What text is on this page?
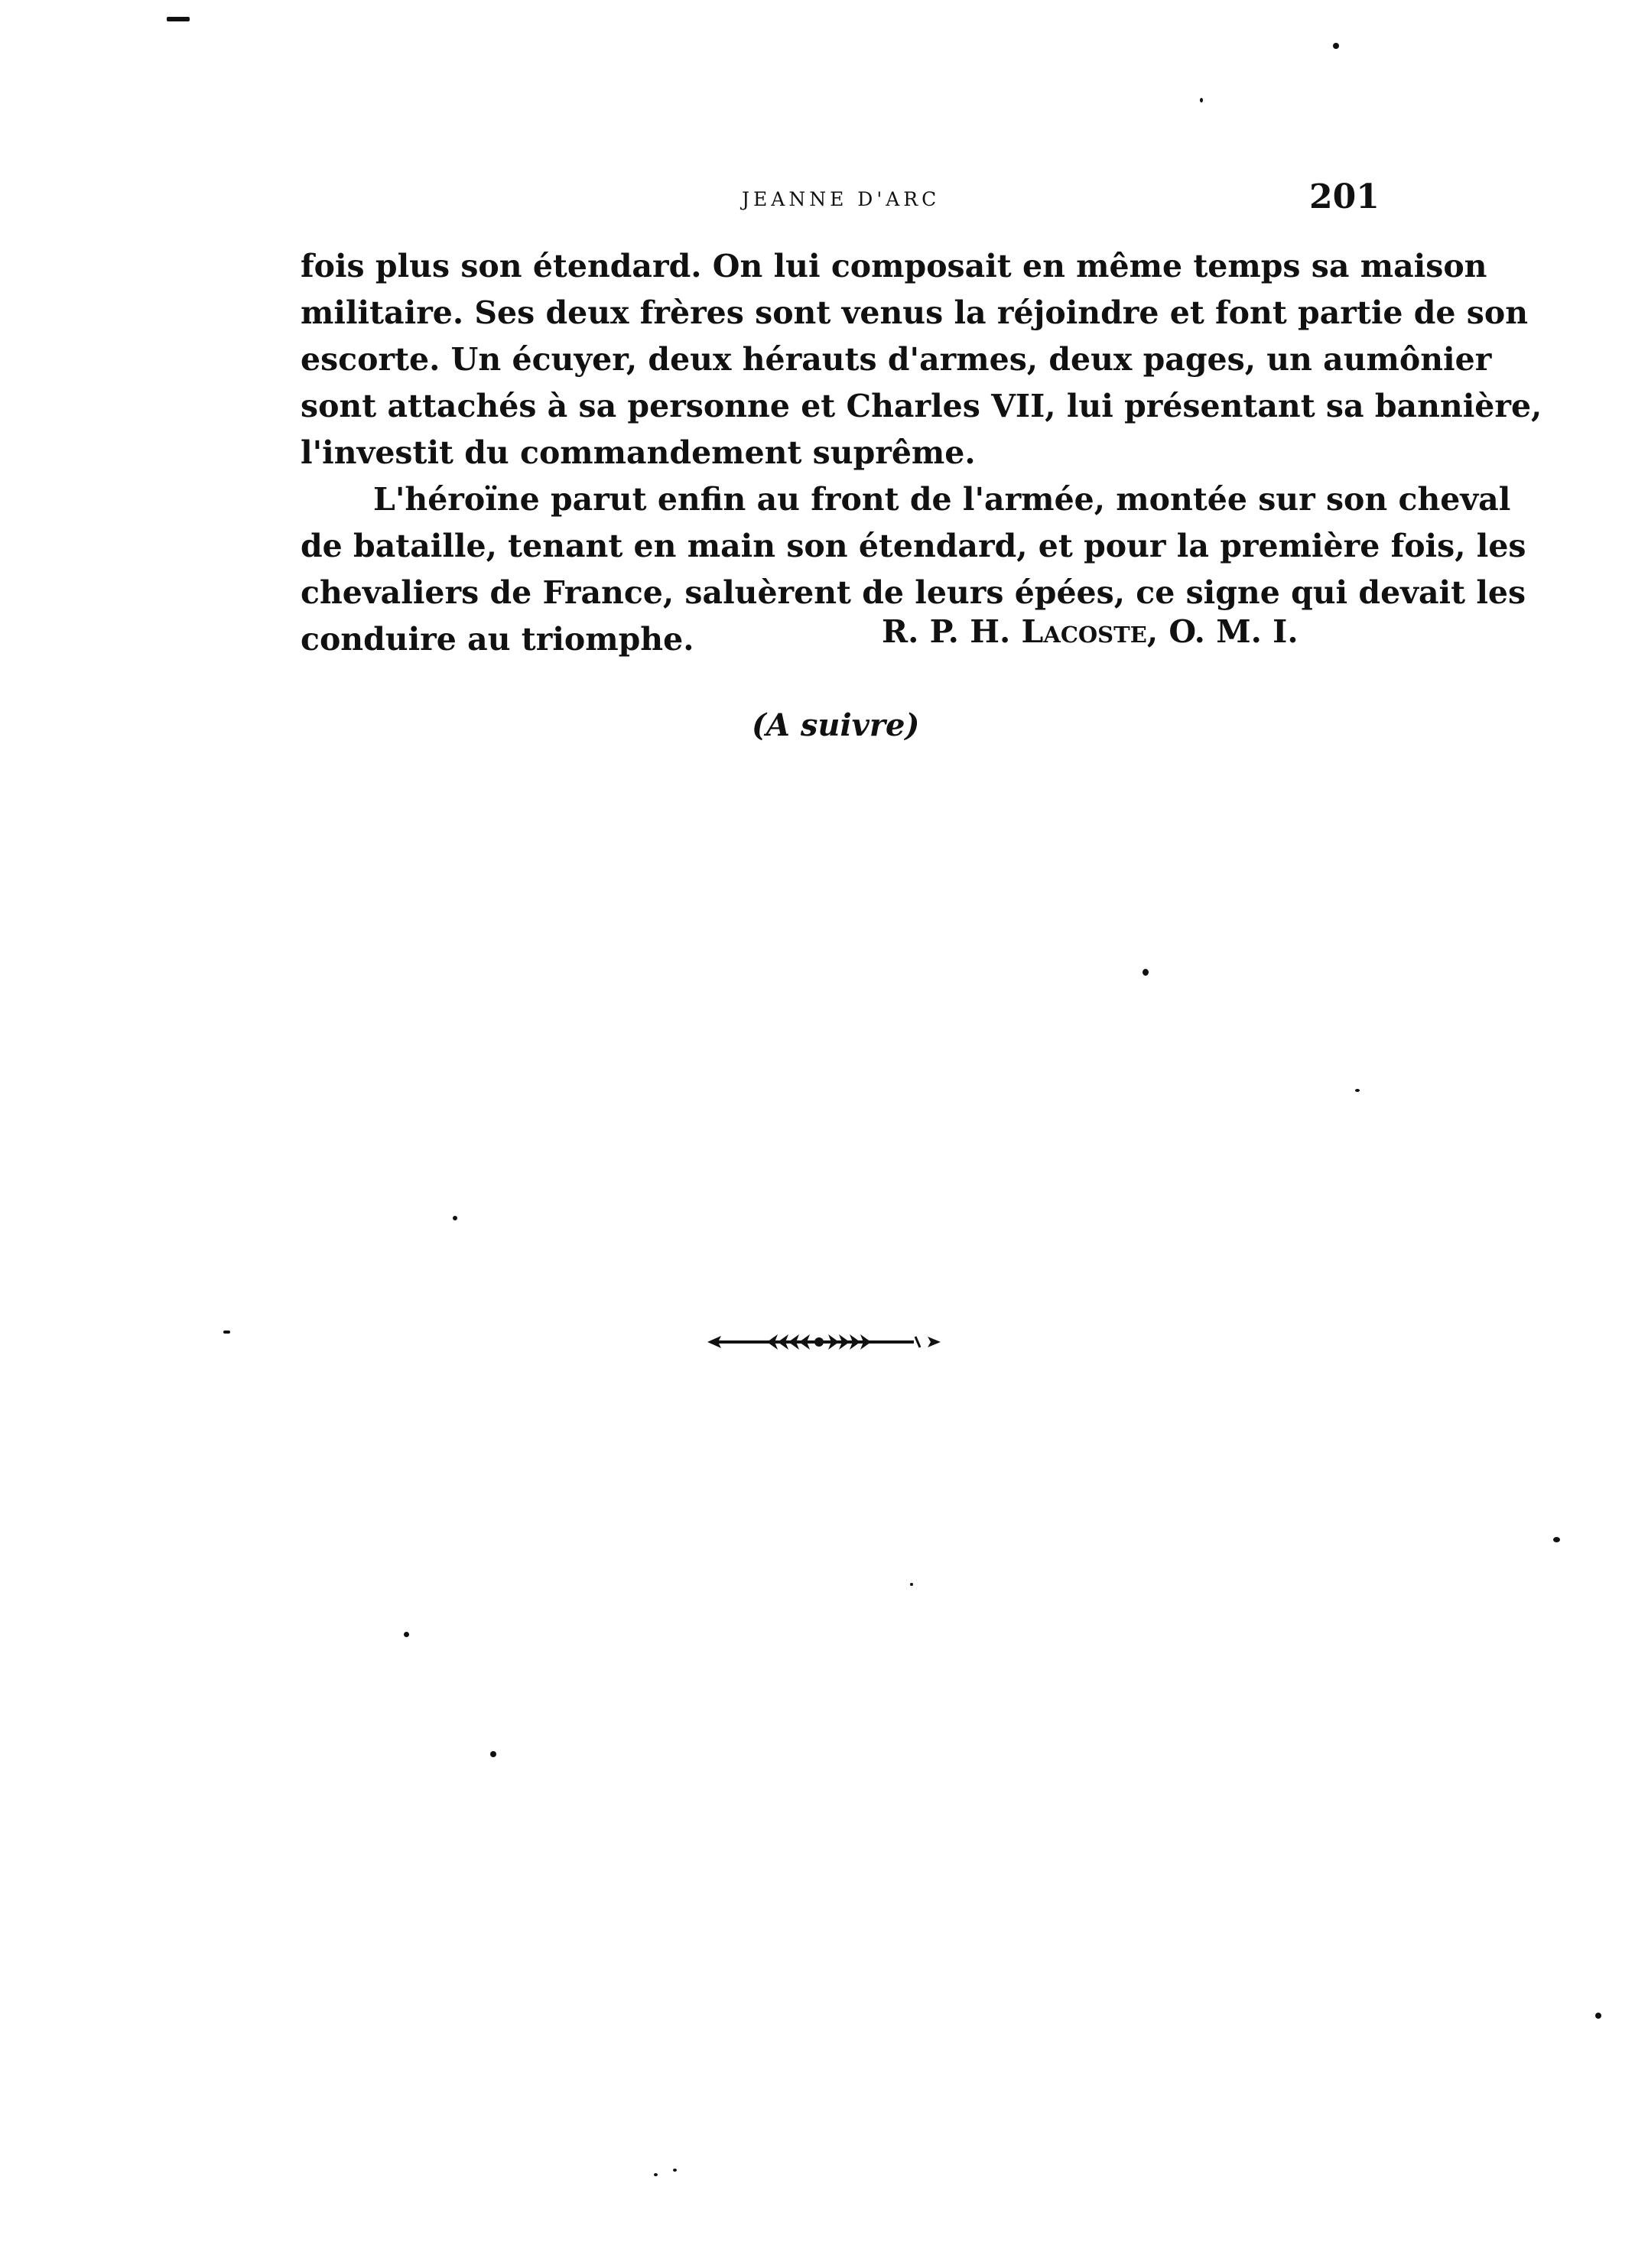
JEANNE D'ARC	201
fois plus son étendard. On lui composait en même temps sa maison
militaire. Ses deux frères sont venus la réjoindre et font partie de son
escorte. Un écuyer, deux hérauts d'armes, deux pages, un aumônier
sont attachés à sa personne et Charles VII, lui présentant sa bannière,
l'investit du commandement suprême.
L'héroïne parut enfin au front de l'armée, montée sur son cheval
de bataille, tenant en main son étendard, et pour la première fois, les
chevaliers de France, saluèrent de leurs épées, ce signe qui devait les
conduire au triomphe.	R. P. H. Lacoste, O. M. I.
(A suivre)
